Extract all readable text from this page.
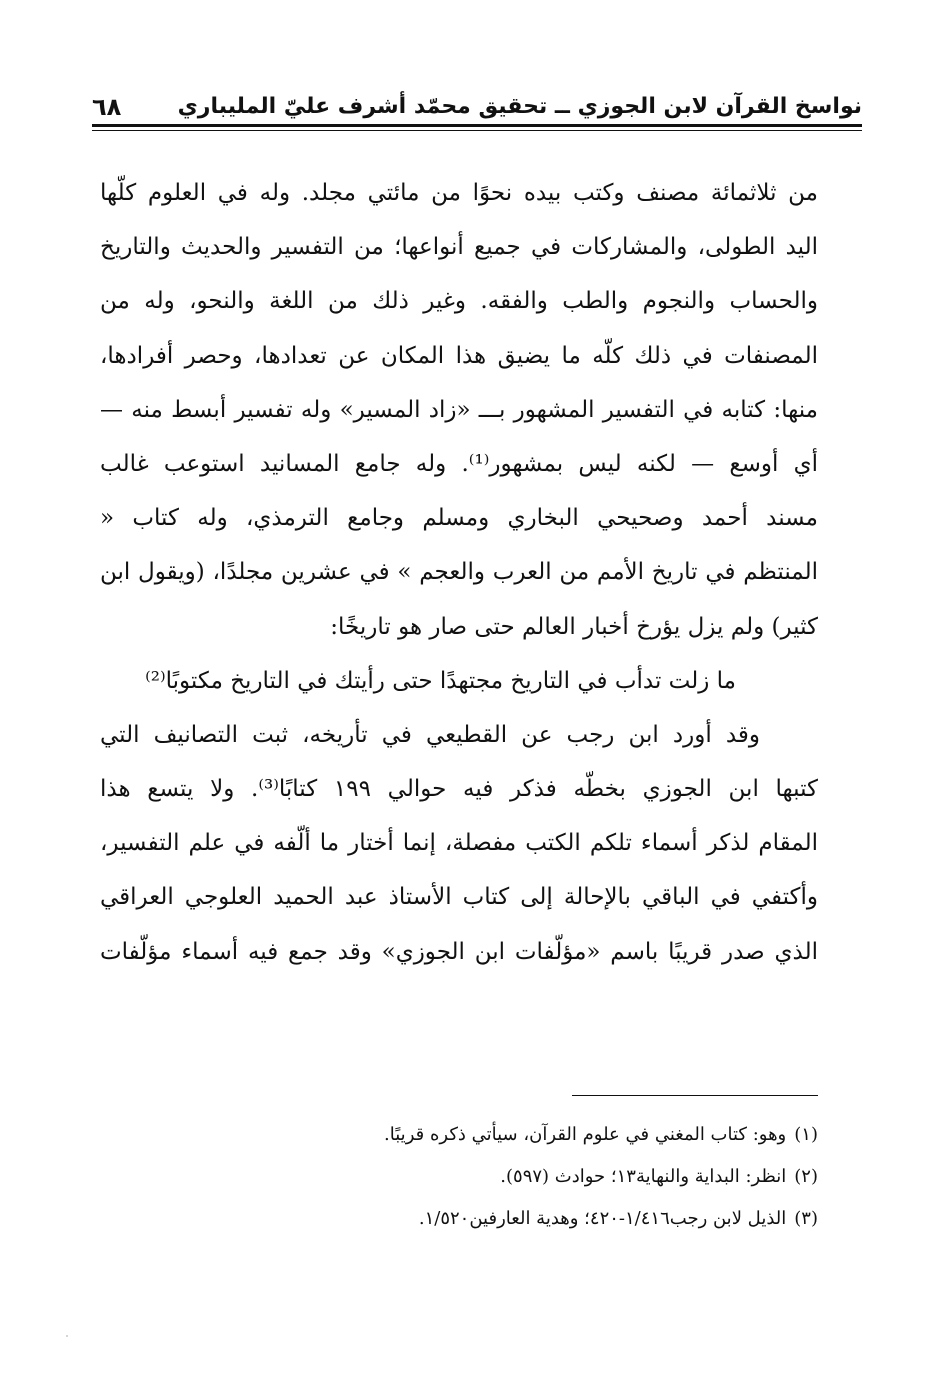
نواسخ القرآن لابن الجوزي ــ تحقيق محمّد أشرف عليّ المليباري
٦٨
من ثلاثمائة مصنف وكتب بيده نحوًا من مائتي مجلد. وله في العلوم كلّها
اليد الطولى، والمشاركات في جميع أنواعها؛ من التفسير والحديث والتاريخ
والحساب والنجوم والطب والفقه. وغير ذلك من اللغة والنحو، وله من
المصنفات في ذلك كلّه ما يضيق هذا المكان عن تعدادها، وحصر أفرادها،
منها: كتابه في التفسير المشهور بـــ «زاد المسير» وله تفسير أبسط منه —
أي أوسع — لكنه ليس بمشهور⁽¹⁾. وله جامع المسانيد استوعب غالب
مسند أحمد وصحيحي البخاري ومسلم وجامع الترمذي، وله كتاب «
المنتظم في تاريخ الأمم من العرب والعجم » في عشرين مجلدًا، (ويقول ابن
كثير) ولم يزل يؤرخ أخبار العالم حتى صار هو تاريخًا:
ما زلت تدأب في التاريخ مجتهدًا حتى رأيتك في التاريخ مكتوبًا⁽²⁾
وقد أورد ابن رجب عن القطيعي في تأريخه، ثبت التصانيف التي
كتبها ابن الجوزي بخطّه فذكر فيه حوالي ١٩٩ كتابًا⁽³⁾. ولا يتسع هذا
المقام لذكر أسماء تلكم الكتب مفصلة، إنما أختار ما ألّفه في علم التفسير،
وأكتفي في الباقي بالإحالة إلى كتاب الأستاذ عبد الحميد العلوجي العراقي
الذي صدر قريبًا باسم «مؤلّفات ابن الجوزي» وقد جمع فيه أسماء مؤلّفات
(١)وهو: كتاب المغني في علوم القرآن، سيأتي ذكره قريبًا.
(٢)انظر: البداية والنهاية١٣؛ حوادث (٥٩٧).
(٣)الذيل لابن رجب١/٤١٦-٤٢٠؛ وهدية العارفين١/٥٢٠.
